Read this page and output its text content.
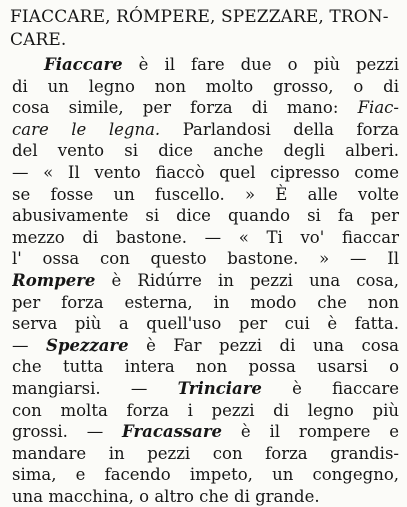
FIACCARE, RÓMPERE, SPEZZARE, TRON-
CARE.
Fiaccare è il fare due o più pezzi
di un legno non molto grosso, o di
cosa simile, per forza di mano: Fiac-
care le legna. Parlandosi della forza
del vento si dice anche degli alberi.
— « Il vento fiaccò quel cipresso come
se fosse un fuscello. » È alle volte
abusivamente si dice quando si fa per
mezzo di bastone. — « Ti vo' fiaccar
l' ossa con questo bastone. » — Il
Rompere è Ridúrre in pezzi una cosa,
per forza esterna, in modo che non
serva più a quell'uso per cui è fatta.
— Spezzare è Far pezzi di una cosa
che tutta intera non possa usarsi o
mangiarsi. — Trinciare è fiaccare
con molta forza i pezzi di legno più
grossi. — Fracassare è il rompere e
mandare in pezzi con forza grandis-
sima, e facendo impeto, un congegno,
una macchina, o altro che di grande.
